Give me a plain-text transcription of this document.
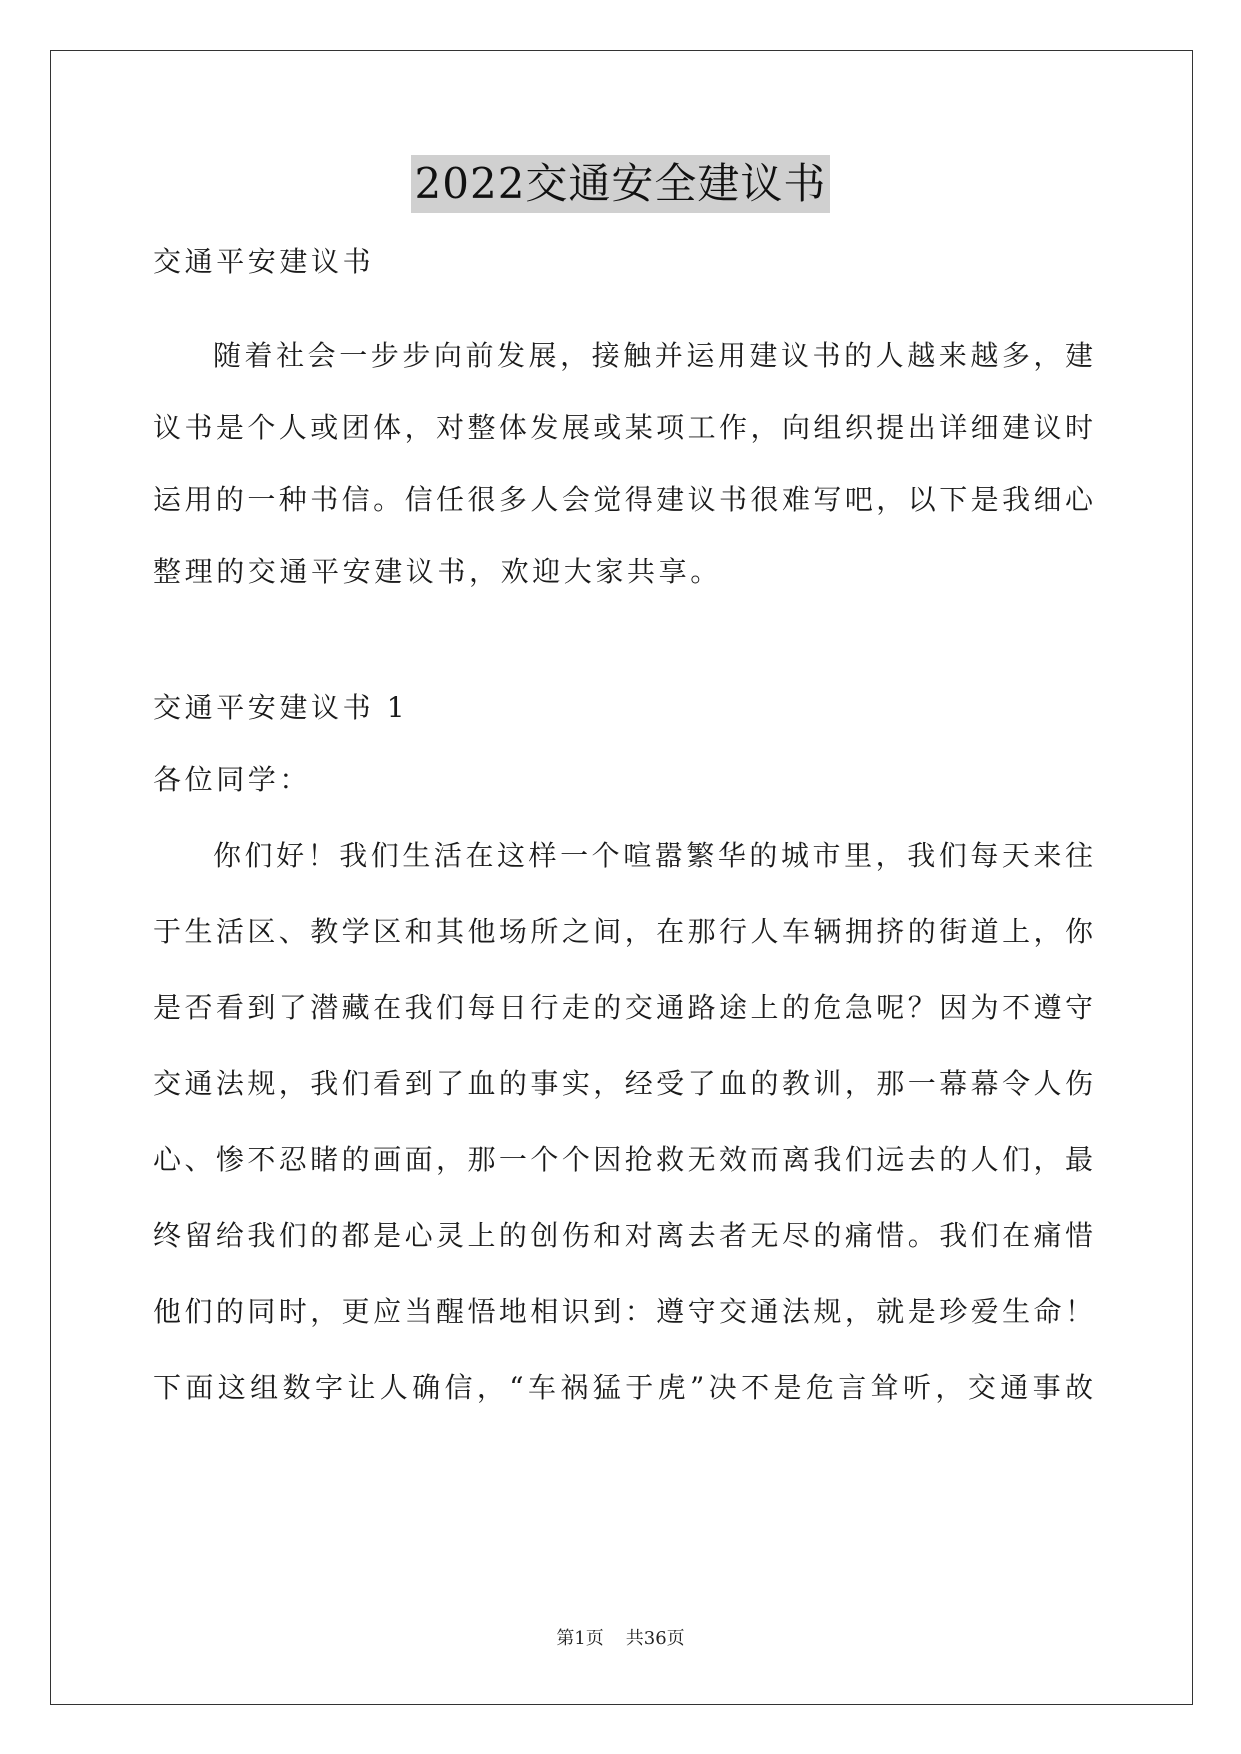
2022交通安全建议书
交通平安建议书
随着社会一步步向前发展，接触并运用建议书的人越来越多，建
议书是个人或团体，对整体发展或某项工作，向组织提出详细建议时
运用的一种书信。信任很多人会觉得建议书很难写吧，以下是我细心
整理的交通平安建议书，欢迎大家共享。
交通平安建议书 1
各位同学：
你们好！我们生活在这样一个喧嚣繁华的城市里，我们每天来往
于生活区、教学区和其他场所之间，在那行人车辆拥挤的街道上，你
是否看到了潜藏在我们每日行走的交通路途上的危急呢？因为不遵守
交通法规，我们看到了血的事实，经受了血的教训，那一幕幕令人伤
心、惨不忍睹的画面，那一个个因抢救无效而离我们远去的人们，最
终留给我们的都是心灵上的创伤和对离去者无尽的痛惜。我们在痛惜
他们的同时，更应当醒悟地相识到：遵守交通法规，就是珍爱生命！
下面这组数字让人确信，“车祸猛于虎”决不是危言耸听，交通事故
第1页 共36页
